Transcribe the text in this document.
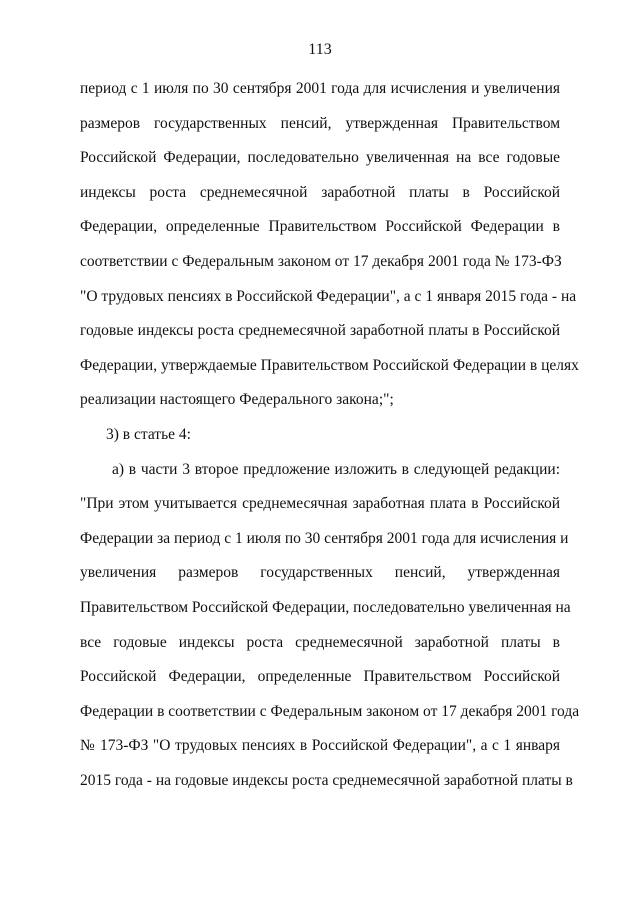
113
период с 1 июля по 30 сентября 2001 года для исчисления и увеличения
размеров государственных пенсий, утвержденная Правительством
Российской Федерации, последовательно увеличенная на все годовые
индексы роста среднемесячной заработной платы в Российской
Федерации, определенные Правительством Российской Федерации в
соответствии с Федеральным законом от 17 декабря 2001 года № 173-ФЗ
"О трудовых пенсиях в Российской Федерации", а с 1 января 2015 года - на
годовые индексы роста среднемесячной заработной платы в Российской
Федерации, утверждаемые Правительством Российской Федерации в целях
реализации настоящего Федерального закона;";
3) в статье 4:
а) в части 3 второе предложение изложить в следующей редакции:
"При этом учитывается среднемесячная заработная плата в Российской
Федерации за период с 1 июля по 30 сентября 2001 года для исчисления и
увеличения размеров государственных пенсий, утвержденная
Правительством Российской Федерации, последовательно увеличенная на
все годовые индексы роста среднемесячной заработной платы в
Российской Федерации, определенные Правительством Российской
Федерации в соответствии с Федеральным законом от 17 декабря 2001 года
№ 173-ФЗ "О трудовых пенсиях в Российской Федерации", а с 1 января
2015 года - на годовые индексы роста среднемесячной заработной платы в
